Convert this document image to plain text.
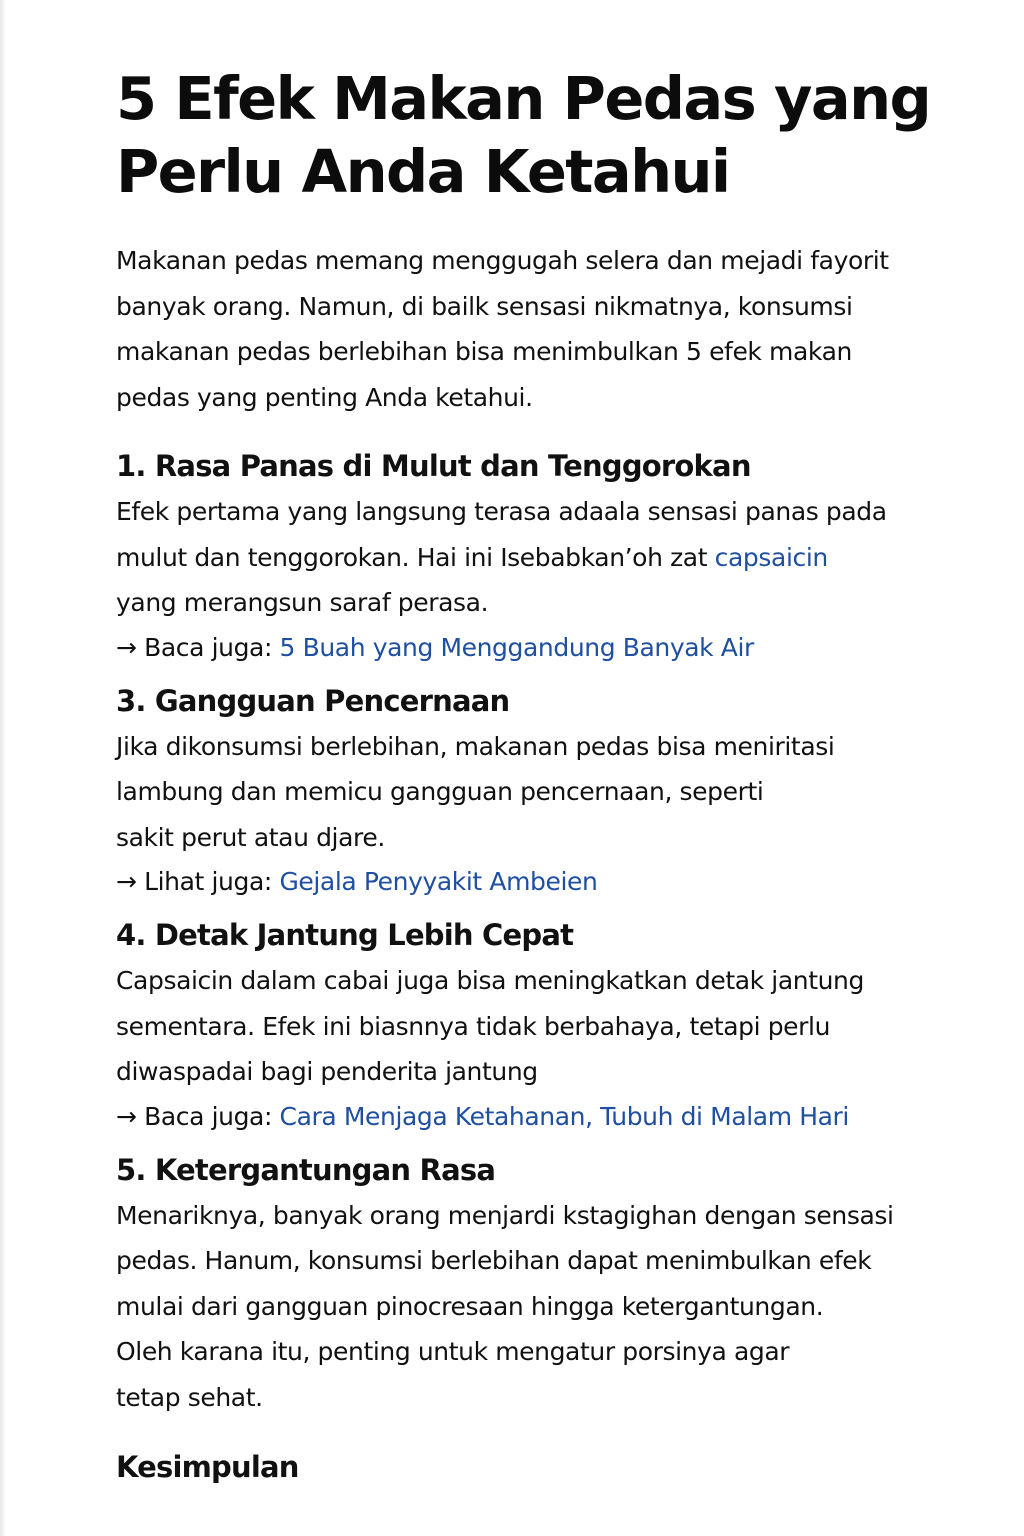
5 Efek Makan Pedas yang
Perlu Anda Ketahui

Makanan pedas memang menggugah selera dan mejadi fayorit
banyak orang. Namun, di bailk sensasi nikmatnya, konsumsi
makanan pedas berlebihan bisa menimbulkan 5 efek makan
pedas yang penting Anda ketahui.

1. Rasa Panas di Mulut dan Tenggorokan

Efek pertama yang langsung terasa adaala sensasi panas pada
mulut dan tenggorokan. Hai ini Isebabkan’oh zat capsaicin
yang merangsun saraf perasa.

→ Baca juga: 5 Buah yang Menggandung Banyak Air

3. Gangguan Pencernaan

Jika dikonsumsi berlebihan, makanan pedas bisa meniritasi
lambung dan memicu gangguan pencernaan, seperti
sakit perut atau djare.

→ Lihat juga: Gejala Penyyakit Ambeien

4. Detak Jantung Lebih Cepat

Capsaicin dalam cabai juga bisa meningkatkan detak jantung
sementara. Efek ini biasnnya tidak berbahaya, tetapi perlu
diwaspadai bagi penderita jantung

→ Baca juga: Cara Menjaga Ketahanan, Tubuh di Malam Hari

5. Ketergantungan Rasa

Menariknya, banyak orang menjardi kstagighan dengan sensasi
pedas. Hanum, konsumsi berlebihan dapat menimbulkan efek
mulai dari gangguan pinocresaan hingga ketergantungan.
Oleh karana itu, penting untuk mengatur porsinya agar
tetap sehat.

Kesimpulan
